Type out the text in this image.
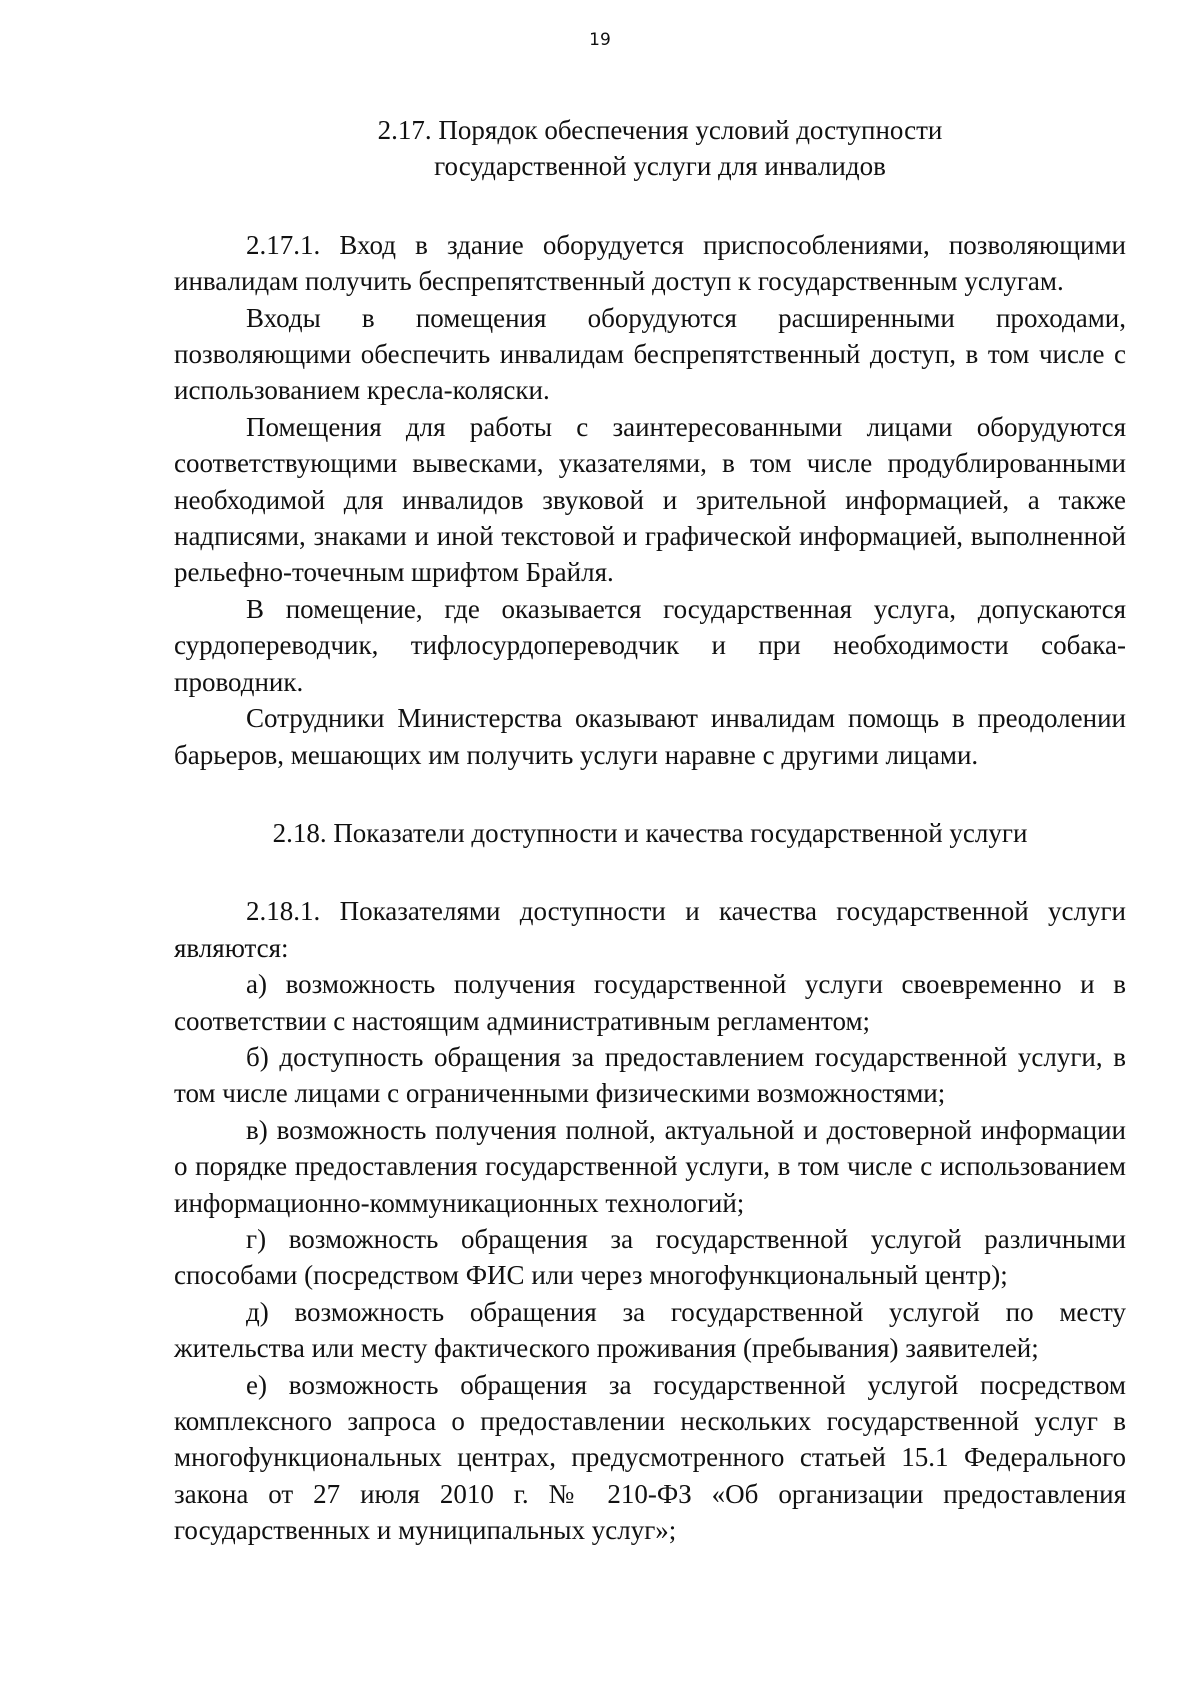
19
2.17. Порядок обеспечения условий доступности
государственной услуги для инвалидов

2.17.1. Вход в здание оборудуется приспособлениями, позволяющими инвалидам получить беспрепятственный доступ к государственным услугам.

Входы в помещения оборудуются расширенными проходами, позволяющими обеспечить инвалидам беспрепятственный доступ, в том числе с использованием кресла-коляски.

Помещения для работы с заинтересованными лицами оборудуются соответствующими вывесками, указателями, в том числе продублированными необходимой для инвалидов звуковой и зрительной информацией, а также надписями, знаками и иной текстовой и графической информацией, выполненной рельефно-точечным шрифтом Брайля.

В помещение, где оказывается государственная услуга, допускаются сурдопереводчик, тифлосурдопереводчик и при необходимости собака-проводник.

Сотрудники Министерства оказывают инвалидам помощь в преодолении барьеров, мешающих им получить услуги наравне с другими лицами.

2.18. Показатели доступности и качества государственной услуги

2.18.1. Показателями доступности и качества государственной услуги являются:

а) возможность получения государственной услуги своевременно и в соответствии с настоящим административным регламентом;

б) доступность обращения за предоставлением государственной услуги, в том числе лицами с ограниченными физическими возможностями;

в) возможность получения полной, актуальной и достоверной информации о порядке предоставления государственной услуги, в том числе с использованием информационно-коммуникационных технологий;

г) возможность обращения за государственной услугой различными способами (посредством ФИС или через многофункциональный центр);

д) возможность обращения за государственной услугой по месту жительства или месту фактического проживания (пребывания) заявителей;

е) возможность обращения за государственной услугой посредством комплексного запроса о предоставлении нескольких государственной услуг в многофункциональных центрах, предусмотренного статьей 15.1 Федерального закона от 27 июля 2010 г. № 210-ФЗ «Об организации предоставления государственных и муниципальных услуг»;
